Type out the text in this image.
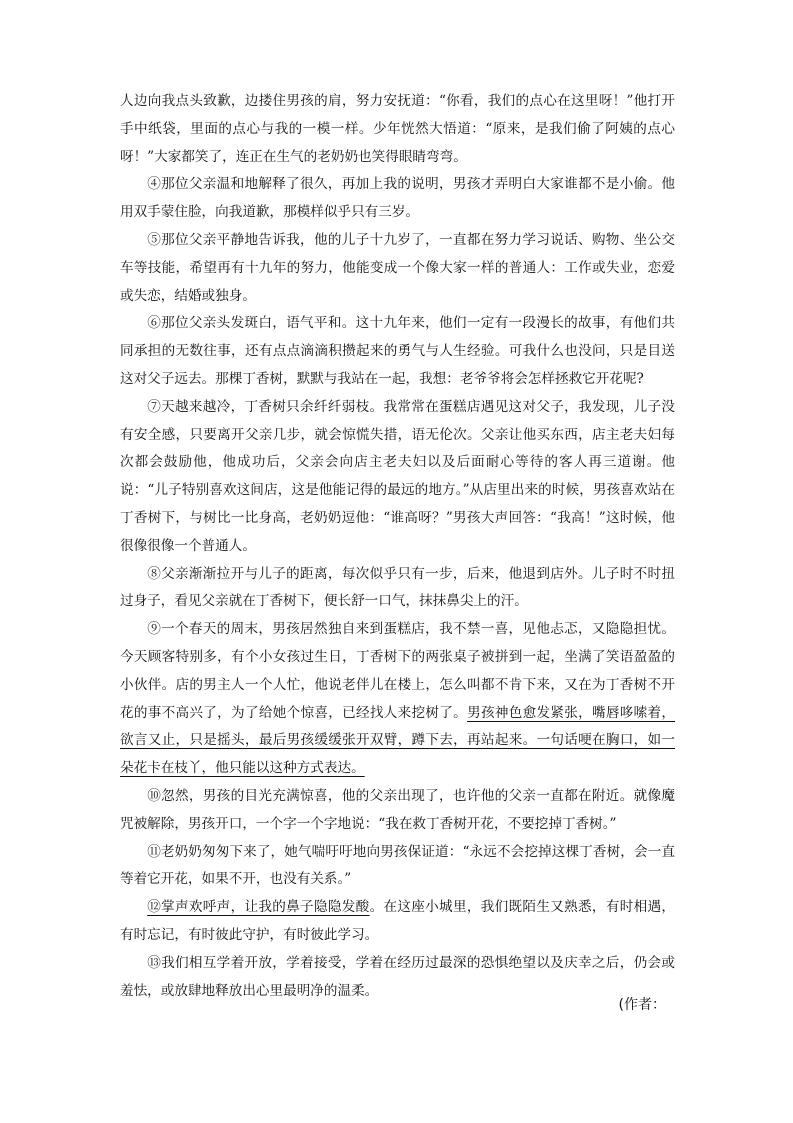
人边向我点头致歉，边搂住男孩的肩，努力安抚道：“你看，我们的点心在这里呀！”他打开手中纸袋，里面的点心与我的一模一样。少年恍然大悟道：“原来，是我们偷了阿姨的点心呀！”大家都笑了，连正在生气的老奶奶也笑得眼睛弯弯。

④那位父亲温和地解释了很久，再加上我的说明，男孩才弄明白大家谁都不是小偷。他用双手蒙住脸，向我道歉，那模样似乎只有三岁。

⑤那位父亲平静地告诉我，他的儿子十九岁了，一直都在努力学习说话、购物、坐公交车等技能，希望再有十九年的努力，他能变成一个像大家一样的普通人：工作或失业，恋爱或失恋，结婚或独身。

⑥那位父亲头发斑白，语气平和。这十九年来，他们一定有一段漫长的故事，有他们共同承担的无数往事，还有点点滴滴积攒起来的勇气与人生经验。可我什么也没问，只是目送这对父子远去。那棵丁香树，默默与我站在一起，我想：老爷爷将会怎样拯救它开花呢?

⑦天越来越冷，丁香树只余纤纤弱枝。我常常在蛋糕店遇见这对父子，我发现，儿子没有安全感，只要离开父亲几步，就会惊慌失措，语无伦次。父亲让他买东西，店主老夫妇每次都会鼓励他，他成功后，父亲会向店主老夫妇以及后面耐心等待的客人再三道谢。他说：“儿子特别喜欢这间店，这是他能记得的最远的地方。”从店里出来的时候，男孩喜欢站在丁香树下，与树比一比身高，老奶奶逗他：“谁高呀？”男孩大声回答：“我高！”这时候，他很像很像一个普通人。

⑧父亲渐渐拉开与儿子的距离，每次似乎只有一步，后来，他退到店外。儿子时不时扭过身子，看见父亲就在丁香树下，便长舒一口气，抹抹鼻尖上的汗。

⑨一个春天的周末，男孩居然独自来到蛋糕店，我不禁一喜，见他忐忑，又隐隐担忧。今天顾客特别多，有个小女孩过生日，丁香树下的两张桌子被拼到一起，坐满了笑语盈盈的小伙伴。店的男主人一个人忙，他说老伴儿在楼上，怎么叫都不肯下来，又在为丁香树不开花的事不高兴了，为了给她个惊喜，已经找人来挖树了。男孩神色愈发紧张，嘴唇哆嗦着，欲言又止，只是摇头，最后男孩缓缓张开双臂，蹲下去，再站起来。一句话哽在胸口，如一朵花卡在枝丫，他只能以这种方式表达。

⑩忽然，男孩的目光充满惊喜，他的父亲出现了，也许他的父亲一直都在附近。就像魔咒被解除，男孩开口，一个字一个字地说：“我在救丁香树开花，不要挖掉丁香树。”

⑪老奶奶匆匆下来了，她气喘吁吁地向男孩保证道：“永远不会挖掉这棵丁香树，会一直等着它开花，如果不开，也没有关系。”

⑫掌声欢呼声，让我的鼻子隐隐发酸。在这座小城里，我们既陌生又熟悉，有时相遇，有时忘记，有时彼此守护，有时彼此学习。

⑬我们相互学着开放，学着接受，学着在经历过最深的恐惧绝望以及庆幸之后，仍会或羞怯，或放肆地释放出心里最明净的温柔。

(作者：
